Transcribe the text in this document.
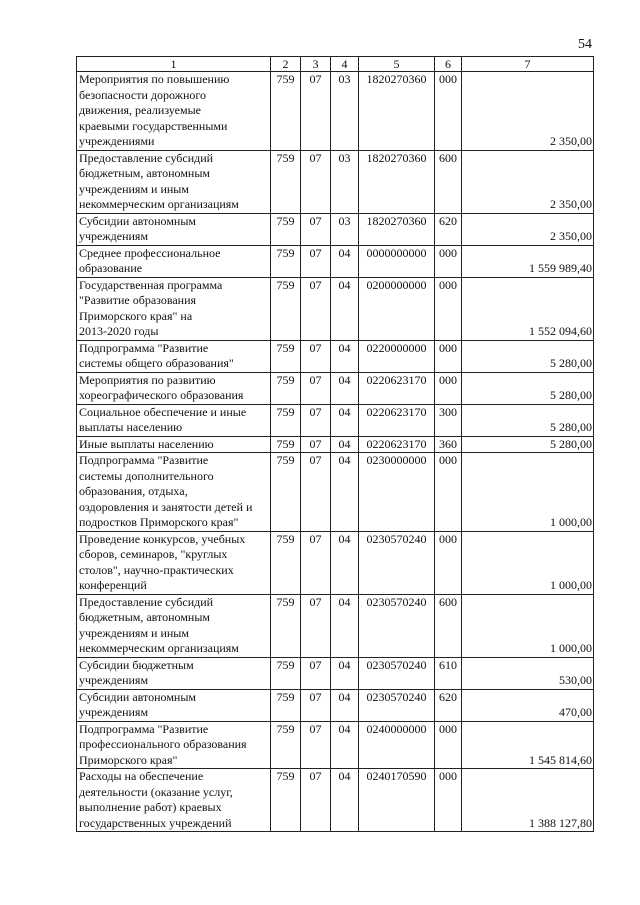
54
1	2	3	4	5	6	7
Мероприятия по повышению
безопасности дорожного
движения, реализуемые
краевыми государственными
учреждениями	759	07	03	1820270360	000	2 350,00
Предоставление субсидий
бюджетным, автономным
учреждениям и иным
некоммерческим организациям	759	07	03	1820270360	600	2 350,00
Субсидии автономным
учреждениям	759	07	03	1820270360	620	2 350,00
Среднее профессиональное
образование	759	07	04	0000000000	000	1 559 989,40
Государственная программа
"Развитие образования
Приморского края" на
2013-2020 годы	759	07	04	0200000000	000	1 552 094,60
Подпрограмма "Развитие
системы общего образования"	759	07	04	0220000000	000	5 280,00
Мероприятия по развитию
хореографического образования	759	07	04	0220623170	000	5 280,00
Социальное обеспечение и иные
выплаты населению	759	07	04	0220623170	300	5 280,00
Иные выплаты населению	759	07	04	0220623170	360	5 280,00
Подпрограмма "Развитие
системы дополнительного
образования, отдыха,
оздоровления и занятости детей и
подростков Приморского края"	759	07	04	0230000000	000	1 000,00
Проведение конкурсов, учебных
сборов, семинаров, "круглых
столов", научно-практических
конференций	759	07	04	0230570240	000	1 000,00
Предоставление субсидий
бюджетным, автономным
учреждениям и иным
некоммерческим организациям	759	07	04	0230570240	600	1 000,00
Субсидии бюджетным
учреждениям	759	07	04	0230570240	610	530,00
Субсидии автономным
учреждениям	759	07	04	0230570240	620	470,00
Подпрограмма "Развитие
профессионального образования
Приморского края"	759	07	04	0240000000	000	1 545 814,60
Расходы на обеспечение
деятельности (оказание услуг,
выполнение работ) краевых
государственных учреждений	759	07	04	0240170590	000	1 388 127,80
